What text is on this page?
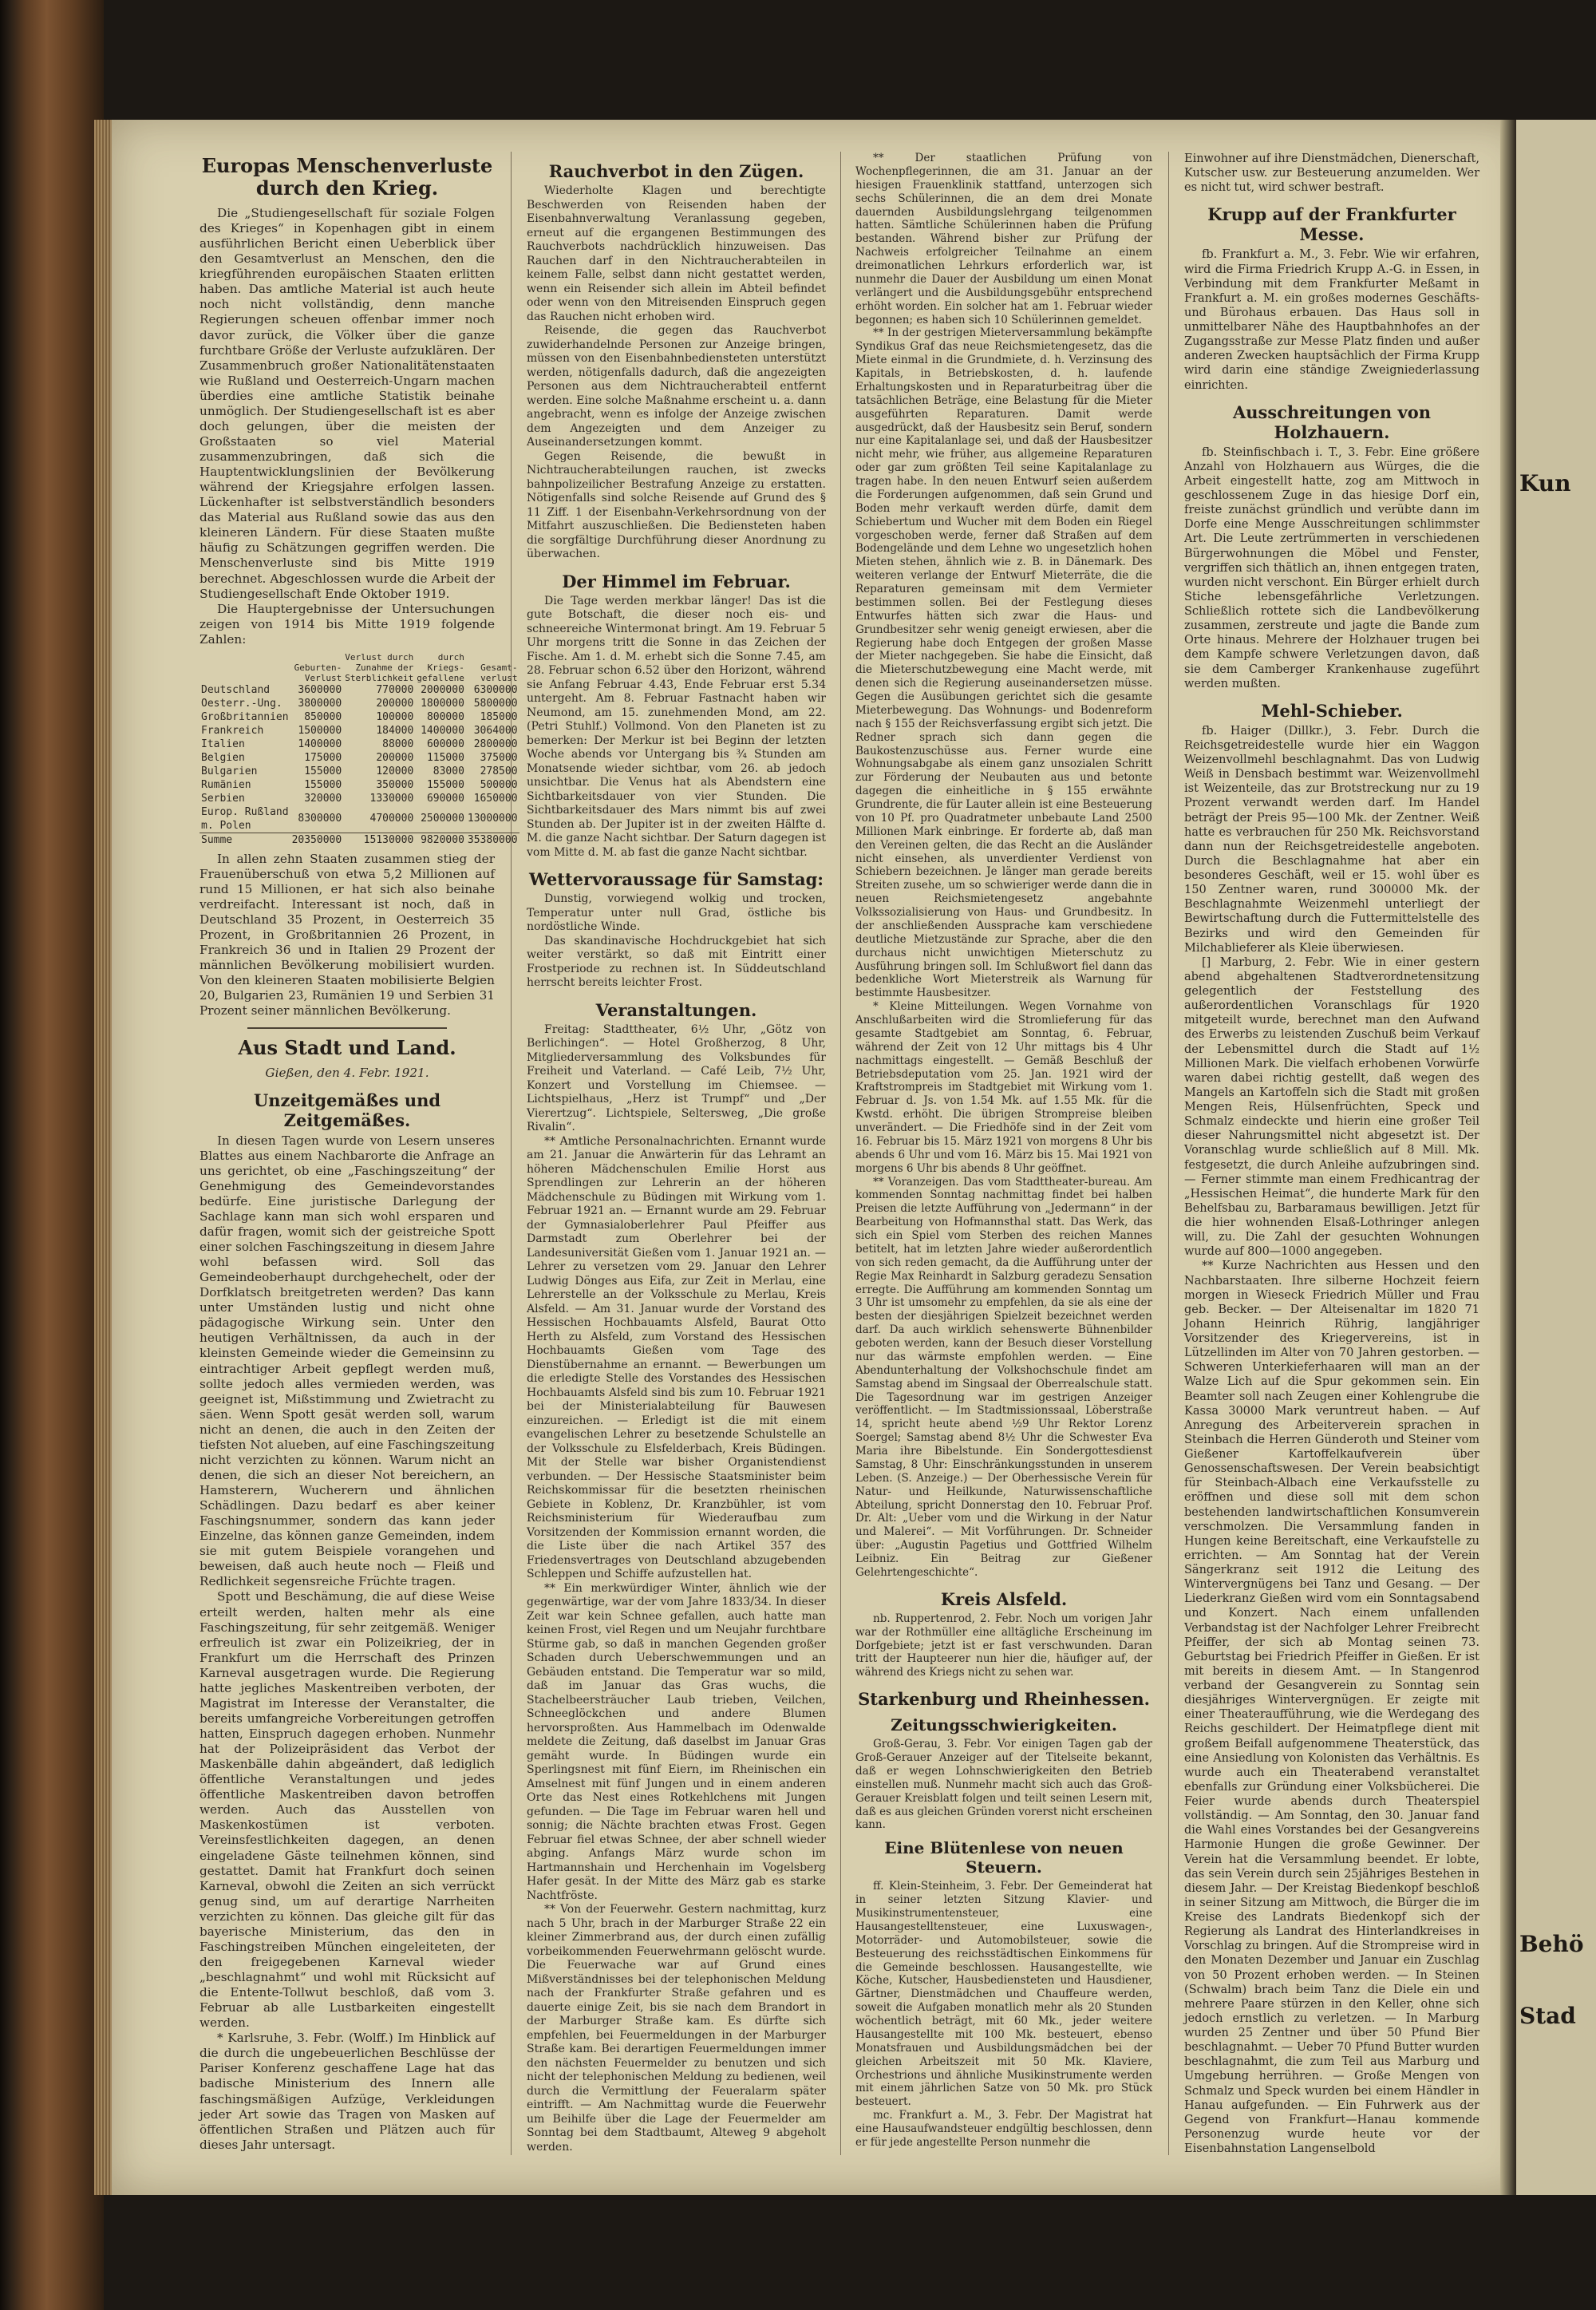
Kun
Behö
Stad
Europas Menschenverluste durch den Krieg.

Die „Studiengesellschaft für soziale Folgen des Krieges“ in Kopenhagen gibt in einem ausführlichen Bericht einen Ueberblick über den Gesamtverlust an Menschen, den die kriegführenden europäischen Staaten erlitten haben. Das amtliche Material ist auch heute noch nicht vollständig, denn manche Regierungen scheuen offenbar immer noch davor zurück, die Völker über die ganze furchtbare Größe der Verluste aufzuklären. Der Zusammenbruch großer Nationalitätenstaaten wie Rußland und Oesterreich-Ungarn machen überdies eine amtliche Statistik beinahe unmöglich. Der Studiengesellschaft ist es aber doch gelungen, über die meisten der Großstaaten so viel Material zusammenzubringen, daß sich die Hauptentwicklungslinien der Bevölkerung während der Kriegsjahre erfolgen lassen. Lückenhafter ist selbstverständlich besonders das Material aus Rußland sowie das aus den kleineren Ländern. Für diese Staaten mußte häufig zu Schätzungen gegriffen werden. Die Menschenverluste sind bis Mitte 1919 berechnet. Abgeschlossen wurde die Arbeit der Studiengesellschaft Ende Oktober 1919.

Die Hauptergebnisse der Untersuchungen zeigen von 1914 bis Mitte 1919 folgende Zahlen:

	Geburten-Verlust	Verlust durch Zunahme der Sterblichkeit	durch Kriegs-gefallene	Gesamt-verlust
Deutschland	3600000	770000	2000000	6300000
Oesterr.-Ung.	3800000	200000	1800000	5800000
Großbritannien	850000	100000	800000	185000
Frankreich	1500000	184000	1400000	3064000
Italien	1400000	88000	600000	2800000
Belgien	175000	200000	115000	375000
Bulgarien	155000	120000	83000	278500
Rumänien	155000	350000	155000	500000
Serbien	320000	1330000	690000	1650000
Europ. Rußland m. Polen	8300000	4700000	2500000	13000000
Summe	20350000	15130000	9820000	35380000

In allen zehn Staaten zusammen stieg der Frauenüberschuß von etwa 5,2 Millionen auf rund 15 Millionen, er hat sich also beinahe verdreifacht. Interessant ist noch, daß in Deutschland 35 Prozent, in Oesterreich 35 Prozent, in Großbritannien 26 Prozent, in Frankreich 36 und in Italien 29 Prozent der männlichen Bevölkerung mobilisiert wurden. Von den kleineren Staaten mobilisierte Belgien 20, Bulgarien 23, Rumänien 19 und Serbien 31 Prozent seiner männlichen Bevölkerung.

Aus Stadt und Land.
Gießen, den 4. Febr. 1921.
Unzeitgemäßes und Zeitgemäßes.

In diesen Tagen wurde von Lesern unseres Blattes aus einem Nachbarorte die Anfrage an uns gerichtet, ob eine „Faschingszeitung“ der Genehmigung des Gemeindevorstandes bedürfe. Eine juristische Darlegung der Sachlage kann man sich wohl ersparen und dafür fragen, womit sich der geistreiche Spott einer solchen Faschingszeitung in diesem Jahre wohl befassen wird. Soll das Gemeindeoberhaupt durchgehechelt, oder der Dorfklatsch breitgetreten werden? Das kann unter Umständen lustig und nicht ohne pädagogische Wirkung sein. Unter den heutigen Verhältnissen, da auch in der kleinsten Gemeinde wieder die Gemeinsinn zu eintrachtiger Arbeit gepflegt werden muß, sollte jedoch alles vermieden werden, was geeignet ist, Mißstimmung und Zwietracht zu säen. Wenn Spott gesät werden soll, warum nicht an denen, die auch in den Zeiten der tiefsten Not alueben, auf eine Faschingszeitung nicht verzichten zu können. Warum nicht an denen, die sich an dieser Not bereichern, an Hamsterern, Wucherern und ähnlichen Schädlingen. Dazu bedarf es aber keiner Faschingsnummer, sondern das kann jeder Einzelne, das können ganze Gemeinden, indem sie mit gutem Beispiele vorangehen und beweisen, daß auch heute noch — Fleiß und Redlichkeit segensreiche Früchte tragen.

Spott und Beschämung, die auf diese Weise erteilt werden, halten mehr als eine Faschingszeitung, für sehr zeitgemäß. Weniger erfreulich ist zwar ein Polizeikrieg, der in Frankfurt um die Herrschaft des Prinzen Karneval ausgetragen wurde. Die Regierung hatte jegliches Maskentreiben verboten, der Magistrat im Interesse der Veranstalter, die bereits umfangreiche Vorbereitungen getroffen hatten, Einspruch dagegen erhoben. Nunmehr hat der Polizeipräsident das Verbot der Maskenbälle dahin abgeändert, daß lediglich öffentliche Veranstaltungen und jedes öffentliche Maskentreiben davon betroffen werden. Auch das Ausstellen von Maskenkostümen ist verboten. Vereinsfestlichkeiten dagegen, an denen eingeladene Gäste teilnehmen können, sind gestattet. Damit hat Frankfurt doch seinen Karneval, obwohl die Zeiten an sich verrückt genug sind, um auf derartige Narrheiten verzichten zu können. Das gleiche gilt für das bayerische Ministerium, das den in Faschingstreiben München eingeleiteten, der den freigegebenen Karneval wieder „beschlagnahmt“ und wohl mit Rücksicht auf die Entente-Tollwut beschloß, daß vom 3. Februar ab alle Lustbarkeiten eingestellt werden.

* Karlsruhe, 3. Febr. (Wolff.) Im Hinblick auf die durch die ungebeuerlichen Beschlüsse der Pariser Konferenz geschaffene Lage hat das badische Ministerium des Innern alle faschingsmäßigen Aufzüge, Verkleidungen jeder Art sowie das Tragen von Masken auf öffentlichen Straßen und Plätzen auch für dieses Jahr untersagt.

Rauchverbot in den Zügen.

Wiederholte Klagen und berechtigte Beschwerden von Reisenden haben der Eisenbahnverwaltung Veranlassung gegeben, erneut auf die ergangenen Bestimmungen des Rauchverbots nachdrücklich hinzuweisen. Das Rauchen darf in den Nichtraucherabteilen in keinem Falle, selbst dann nicht gestattet werden, wenn ein Reisender sich allein im Abteil befindet oder wenn von den Mitreisenden Einspruch gegen das Rauchen nicht erhoben wird.

Reisende, die gegen das Rauchverbot zuwiderhandelnde Personen zur Anzeige bringen, müssen von den Eisenbahnbediensteten unterstützt werden, nötigenfalls dadurch, daß die angezeigten Personen aus dem Nichtraucherabteil entfernt werden. Eine solche Maßnahme erscheint u. a. dann angebracht, wenn es infolge der Anzeige zwischen dem Angezeigten und dem Anzeiger zu Auseinandersetzungen kommt.

Gegen Reisende, die bewußt in Nichtraucherabteilungen rauchen, ist zwecks bahnpolizeilicher Bestrafung Anzeige zu erstatten. Nötigenfalls sind solche Reisende auf Grund des § 11 Ziff. 1 der Eisenbahn-Verkehrsordnung von der Mitfahrt auszuschließen. Die Bediensteten haben die sorgfältige Durchführung dieser Anordnung zu überwachen.

Der Himmel im Februar.

Die Tage werden merkbar länger! Das ist die gute Botschaft, die dieser noch eis- und schneereiche Wintermonat bringt. Am 19. Februar 5 Uhr morgens tritt die Sonne in das Zeichen der Fische. Am 1. d. M. erhebt sich die Sonne 7.45, am 28. Februar schon 6.52 über den Horizont, während sie Anfang Februar 4.43, Ende Februar erst 5.34 untergeht. Am 8. Februar Fastnacht haben wir Neumond, am 15. zunehmenden Mond, am 22. (Petri Stuhlf.) Vollmond. Von den Planeten ist zu bemerken: Der Merkur ist bei Beginn der letzten Woche abends vor Untergang bis ¾ Stunden am Monatsende wieder sichtbar, vom 26. ab jedoch unsichtbar. Die Venus hat als Abendstern eine Sichtbarkeitsdauer von vier Stunden. Die Sichtbarkeitsdauer des Mars nimmt bis auf zwei Stunden ab. Der Jupiter ist in der zweiten Hälfte d. M. die ganze Nacht sichtbar. Der Saturn dagegen ist vom Mitte d. M. ab fast die ganze Nacht sichtbar.

Wettervoraussage für Samstag:

Dunstig, vorwiegend wolkig und trocken, Temperatur unter null Grad, östliche bis nordöstliche Winde.

Das skandinavische Hochdruckgebiet hat sich weiter verstärkt, so daß mit Eintritt einer Frostperiode zu rechnen ist. In Süddeutschland herrscht bereits leichter Frost.

Veranstaltungen.

Freitag: Stadttheater, 6½ Uhr, „Götz von Berlichingen“. — Hotel Großherzog, 8 Uhr, Mitgliederversammlung des Volksbundes für Freiheit und Vaterland. — Café Leib, 7½ Uhr, Konzert und Vorstellung im Chiemsee. — Lichtspielhaus, „Herz ist Trumpf“ und „Der Vierertzug“. Lichtspiele, Seltersweg, „Die große Rivalin“.

** Amtliche Personalnachrichten. Ernannt wurde am 21. Januar die Anwärterin für das Lehramt an höheren Mädchenschulen Emilie Horst aus Sprendlingen zur Lehrerin an der höheren Mädchenschule zu Büdingen mit Wirkung vom 1. Februar 1921 an. — Ernannt wurde am 29. Februar der Gymnasialoberlehrer Paul Pfeiffer aus Darmstadt zum Oberlehrer bei der Landesuniversität Gießen vom 1. Januar 1921 an. — Lehrer zu versetzen vom 29. Januar den Lehrer Ludwig Dönges aus Eifa, zur Zeit in Merlau, eine Lehrerstelle an der Volksschule zu Merlau, Kreis Alsfeld. — Am 31. Januar wurde der Vorstand des Hessischen Hochbauamts Alsfeld, Baurat Otto Herth zu Alsfeld, zum Vorstand des Hessischen Hochbauamts Gießen vom Tage des Dienstübernahme an ernannt. — Bewerbungen um die erledigte Stelle des Vorstandes des Hessischen Hochbauamts Alsfeld sind bis zum 10. Februar 1921 bei der Ministerialabteilung für Bauwesen einzureichen. — Erledigt ist die mit einem evangelischen Lehrer zu besetzende Schulstelle an der Volksschule zu Elsfelderbach, Kreis Büdingen. Mit der Stelle war bisher Organistendienst verbunden. — Der Hessische Staatsminister beim Reichskommissar für die besetzten rheinischen Gebiete in Koblenz, Dr. Kranzbühler, ist vom Reichsministerium für Wiederaufbau zum Vorsitzenden der Kommission ernannt worden, die die Liste über die nach Artikel 357 des Friedensvertrages von Deutschland abzugebenden Schleppen und Schiffe aufzustellen hat.

** Ein merkwürdiger Winter, ähnlich wie der gegenwärtige, war der vom Jahre 1833/34. In dieser Zeit war kein Schnee gefallen, auch hatte man keinen Frost, viel Regen und um Neujahr furchtbare Stürme gab, so daß in manchen Gegenden großer Schaden durch Ueberschwemmungen und an Gebäuden entstand. Die Temperatur war so mild, daß im Januar das Gras wuchs, die Stachelbeersträucher Laub trieben, Veilchen, Schneeglöckchen und andere Blumen hervorsproßten. Aus Hammelbach im Odenwalde meldete die Zeitung, daß daselbst im Januar Gras gemäht wurde. In Büdingen wurde ein Sperlingsnest mit fünf Eiern, im Rheinischen ein Amselnest mit fünf Jungen und in einem anderen Orte das Nest eines Rotkehlchens mit Jungen gefunden. — Die Tage im Februar waren hell und sonnig; die Nächte brachten etwas Frost. Gegen Februar fiel etwas Schnee, der aber schnell wieder abging. Anfangs März wurde schon im Hartmannshain und Herchenhain im Vogelsberg Hafer gesät. In der Mitte des März gab es starke Nachtfröste.

** Von der Feuerwehr. Gestern nachmittag, kurz nach 5 Uhr, brach in der Marburger Straße 22 ein kleiner Zimmerbrand aus, der durch einen zufällig vorbeikommenden Feuerwehrmann gelöscht wurde. Die Feuerwache war auf Grund eines Mißverständnisses bei der telephonischen Meldung nach der Frankfurter Straße gefahren und es dauerte einige Zeit, bis sie nach dem Brandort in der Marburger Straße kam. Es dürfte sich empfehlen, bei Feuermeldungen in der Marburger Straße kam. Bei derartigen Feuermeldungen immer den nächsten Feuermelder zu benutzen und sich nicht der telephonischen Meldung zu bedienen, weil durch die Vermittlung der Feueralarm später eintrifft. — Am Nachmittag wurde die Feuerwehr um Beihilfe über die Lage der Feuermelder am Sonntag bei dem Stadtbaumt, Alteweg 9 abgeholt werden.

** Der staatlichen Prüfung von Wochenpflegerinnen, die am 31. Januar an der hiesigen Frauenklinik stattfand, unterzogen sich sechs Schülerinnen, die an dem drei Monate dauernden Ausbildungslehrgang teilgenommen hatten. Sämtliche Schülerinnen haben die Prüfung bestanden. Während bisher zur Prüfung der Nachweis erfolgreicher Teilnahme an einem dreimonatlichen Lehrkurs erforderlich war, ist nunmehr die Dauer der Ausbildung um einen Monat verlängert und die Ausbildungsgebühr entsprechend erhöht worden. Ein solcher hat am 1. Februar wieder begonnen; es haben sich 10 Schülerinnen gemeldet.

** In der gestrigen Mieterversammlung bekämpfte Syndikus Graf das neue Reichsmietengesetz, das die Miete einmal in die Grundmiete, d. h. Verzinsung des Kapitals, in Betriebskosten, d. h. laufende Erhaltungskosten und in Reparaturbeitrag über die tatsächlichen Beträge, eine Belastung für die Mieter ausgeführten Reparaturen. Damit werde ausgedrückt, daß der Hausbesitz sein Beruf, sondern nur eine Kapitalanlage sei, und daß der Hausbesitzer nicht mehr, wie früher, aus allgemeine Reparaturen oder gar zum größten Teil seine Kapitalanlage zu tragen habe. In den neuen Entwurf seien außerdem die Forderungen aufgenommen, daß sein Grund und Boden mehr verkauft werden dürfe, damit dem Schiebertum und Wucher mit dem Boden ein Riegel vorgeschoben werde, ferner daß Straßen auf dem Bodengelände und dem Lehne wo ungesetzlich hohen Mieten stehen, ähnlich wie z. B. in Dänemark. Des weiteren verlange der Entwurf Mieterräte, die die Reparaturen gemeinsam mit dem Vermieter bestimmen sollen. Bei der Festlegung dieses Entwurfes hätten sich zwar die Haus- und Grundbesitzer sehr wenig geneigt erwiesen, aber die Regierung habe doch Entgegen der großen Masse der Mieter nachgegeben. Sie habe die Einsicht, daß die Mieterschutzbewegung eine Macht werde, mit denen sich die Regierung auseinandersetzen müsse. Gegen die Ausübungen gerichtet sich die gesamte Mieterbewegung. Das Wohnungs- und Bodenreform nach § 155 der Reichsverfassung ergibt sich jetzt. Die Redner sprach sich dann gegen die Baukostenzuschüsse aus. Ferner wurde eine Wohnungsabgabe als einem ganz unsozialen Schritt zur Förderung der Neubauten aus und betonte dagegen die einheitliche in § 155 erwähnte Grundrente, die für Lauter allein ist eine Besteuerung von 10 Pf. pro Quadratmeter unbebaute Land 2500 Millionen Mark einbringe. Er forderte ab, daß man den Vereinen gelten, die das Recht an die Ausländer nicht einsehen, als unverdienter Verdienst von Schiebern bezeichnen. Je länger man gerade bereits Streiten zusehe, um so schwieriger werde dann die in neuen Reichsmietengesetz angebahnte Volkssozialisierung von Haus- und Grundbesitz. In der anschließenden Aussprache kam verschiedene deutliche Mietzustände zur Sprache, aber die den durchaus nicht unwichtigen Mieterschutz zu Ausführung bringen soll. Im Schlußwort fiel dann das bedenkliche Wort Mieterstreik als Warnung für bestimmte Hausbesitzer.

* Kleine Mitteilungen. Wegen Vornahme von Anschlußarbeiten wird die Stromlieferung für das gesamte Stadtgebiet am Sonntag, 6. Februar, während der Zeit von 12 Uhr mittags bis 4 Uhr nachmittags eingestellt. — Gemäß Beschluß der Betriebsdeputation vom 25. Jan. 1921 wird der Kraftstrompreis im Stadtgebiet mit Wirkung vom 1. Februar d. Js. von 1.54 Mk. auf 1.55 Mk. für die Kwstd. erhöht. Die übrigen Strompreise bleiben unverändert. — Die Friedhöfe sind in der Zeit vom 16. Februar bis 15. März 1921 von morgens 8 Uhr bis abends 6 Uhr und vom 16. März bis 15. Mai 1921 von morgens 6 Uhr bis abends 8 Uhr geöffnet.

** Voranzeigen. Das vom Stadttheater-bureau. Am kommenden Sonntag nachmittag findet bei halben Preisen die letzte Aufführung von „Jedermann“ in der Bearbeitung von Hofmannsthal statt. Das Werk, das sich ein Spiel vom Sterben des reichen Mannes betitelt, hat im letzten Jahre wieder außerordentlich von sich reden gemacht, da die Aufführung unter der Regie Max Reinhardt in Salzburg geradezu Sensation erregte. Die Aufführung am kommenden Sonntag um 3 Uhr ist umsomehr zu empfehlen, da sie als eine der besten der diesjährigen Spielzeit bezeichnet werden darf. Da auch wirklich sehenswerte Bühnenbilder geboten werden, kann der Besuch dieser Vorstellung nur das wärmste empfohlen werden. — Eine Abendunterhaltung der Volkshochschule findet am Samstag abend im Singsaal der Oberrealschule statt. Die Tagesordnung war im gestrigen Anzeiger veröffentlicht. — Im Stadtmissionssaal, Löberstraße 14, spricht heute abend ½9 Uhr Rektor Lorenz Soergel; Samstag abend 8½ Uhr die Schwester Eva Maria ihre Bibelstunde. Ein Sondergottesdienst Samstag, 8 Uhr: Einschränkungsstunden in unserem Leben. (S. Anzeige.) — Der Oberhessische Verein für Natur- und Heilkunde, Naturwissenschaftliche Abteilung, spricht Donnerstag den 10. Februar Prof. Dr. Alt: „Ueber vom und die Wirkung in der Natur und Malerei“. — Mit Vorführungen. Dr. Schneider über: „Augustin Pagetius und Gottfried Wilhelm Leibniz. Ein Beitrag zur Gießener Gelehrtengeschichte“.

Kreis Alsfeld.

nb. Ruppertenrod, 2. Febr. Noch um vorigen Jahr war der Rothmüller eine alltägliche Erscheinung im Dorfgebiete; jetzt ist er fast verschwunden. Daran tritt der Haupteerer nun hier die, häufiger auf, der während des Kriegs nicht zu sehen war.

Starkenburg und Rheinhessen.
Zeitungsschwierigkeiten.

Groß-Gerau, 3. Febr. Vor einigen Tagen gab der Groß-Gerauer Anzeiger auf der Titelseite bekannt, daß er wegen Lohnschwierigkeiten den Betrieb einstellen muß. Nunmehr macht sich auch das Groß-Gerauer Kreisblatt folgen und teilt seinen Lesern mit, daß es aus gleichen Gründen vorerst nicht erscheinen kann.

Eine Blütenlese von neuen Steuern.

ff. Klein-Steinheim, 3. Febr. Der Gemeinderat hat in seiner letzten Sitzung Klavier- und Musikinstrumentensteuer, eine Hausangestelltensteuer, eine Luxuswagen-, Motorräder- und Automobilsteuer, sowie die Besteuerung des reichsstädtischen Einkommens für die Gemeinde beschlossen. Hausangestellte, wie Köche, Kutscher, Hausbediensteten und Hausdiener, Gärtner, Dienstmädchen und Chauffeure werden, soweit die Aufgaben monatlich mehr als 20 Stunden wöchentlich beträgt, mit 60 Mk., jeder weitere Hausangestellte mit 100 Mk. besteuert, ebenso Monatsfrauen und Ausbildungsmädchen bei der gleichen Arbeitszeit mit 50 Mk. Klaviere, Orchestrions und ähnliche Musikinstrumente werden mit einem jährlichen Satze von 50 Mk. pro Stück besteuert.

mc. Frankfurt a. M., 3. Febr. Der Magistrat hat eine Hausaufwandsteuer endgültig beschlossen, denn er für jede angestellte Person nunmehr die

Einwohner auf ihre Dienstmädchen, Dienerschaft, Kutscher usw. zur Besteuerung anzumelden. Wer es nicht tut, wird schwer bestraft.

Krupp auf der Frankfurter Messe.

fb. Frankfurt a. M., 3. Febr. Wie wir erfahren, wird die Firma Friedrich Krupp A.-G. in Essen, in Verbindung mit dem Frankfurter Meßamt in Frankfurt a. M. ein großes modernes Geschäfts- und Bürohaus erbauen. Das Haus soll in unmittelbarer Nähe des Hauptbahnhofes an der Zugangsstraße zur Messe Platz finden und außer anderen Zwecken hauptsächlich der Firma Krupp wird darin eine ständige Zweigniederlassung einrichten.

Ausschreitungen von Holzhauern.

fb. Steinfischbach i. T., 3. Febr. Eine größere Anzahl von Holzhauern aus Würges, die die Arbeit eingestellt hatte, zog am Mittwoch in geschlossenem Zuge in das hiesige Dorf ein, freiste zunächst gründlich und verübte dann im Dorfe eine Menge Ausschreitungen schlimmster Art. Die Leute zertrümmerten in verschiedenen Bürgerwohnungen die Möbel und Fenster, vergriffen sich thätlich an, ihnen entgegen traten, wurden nicht verschont. Ein Bürger erhielt durch Stiche lebensgefährliche Verletzungen. Schließlich rottete sich die Landbevölkerung zusammen, zerstreute und jagte die Bande zum Orte hinaus. Mehrere der Holzhauer trugen bei dem Kampfe schwere Verletzungen davon, daß sie dem Camberger Krankenhause zugeführt werden mußten.

Mehl-Schieber.

fb. Haiger (Dillkr.), 3. Febr. Durch die Reichsgetreidestelle wurde hier ein Waggon Weizenvollmehl beschlagnahmt. Das von Ludwig Weiß in Densbach bestimmt war. Weizenvollmehl ist Weizenteile, das zur Brotstreckung nur zu 19 Prozent verwandt werden darf. Im Handel beträgt der Preis 95—100 Mk. der Zentner. Weiß hatte es verbrauchen für 250 Mk. Reichsvorstand dann nun der Reichsgetreidestelle angeboten. Durch die Beschlagnahme hat aber ein besonderes Geschäft, weil er 15. wohl über es 150 Zentner waren, rund 300000 Mk. der Beschlagnahmte Weizenmehl unterliegt der Bewirtschaftung durch die Futtermittelstelle des Bezirks und wird den Gemeinden für Milchablieferer als Kleie überwiesen.

[] Marburg, 2. Febr. Wie in einer gestern abend abgehaltenen Stadtverordnetensitzung gelegentlich der Feststellung des außerordentlichen Voranschlags für 1920 mitgeteilt wurde, berechnet man den Aufwand des Erwerbs zu leistenden Zuschuß beim Verkauf der Lebensmittel durch die Stadt auf 1½ Millionen Mark. Die vielfach erhobenen Vorwürfe waren dabei richtig gestellt, daß wegen des Mangels an Kartoffeln sich die Stadt mit großen Mengen Reis, Hülsenfrüchten, Speck und Schmalz eindeckte und hierin eine großer Teil dieser Nahrungsmittel nicht abgesetzt ist. Der Voranschlag wurde schließlich auf 8 Mill. Mk. festgesetzt, die durch Anleihe aufzubringen sind. — Ferner stimmte man einem Fredhicantrag der „Hessischen Heimat“, die hunderte Mark für den Behelfsbau zu, Barbaramaus bewilligen. Jetzt für die hier wohnenden Elsaß-Lothringer anlegen will, zu. Die Zahl der gesuchten Wohnungen wurde auf 800—1000 angegeben.

** Kurze Nachrichten aus Hessen und den Nachbarstaaten. Ihre silberne Hochzeit feiern morgen in Wieseck Friedrich Müller und Frau geb. Becker. — Der Alteisenaltar im 1820 71 Johann Heinrich Rührig, langjähriger Vorsitzender des Kriegervereins, ist in Lützellinden im Alter von 70 Jahren gestorben. — Schweren Unterkieferhaaren will man an der Walze Lich auf die Spur gekommen sein. Ein Beamter soll nach Zeugen einer Kohlengrube die Kassa 30000 Mark veruntreut haben. — Auf Anregung des Arbeiterverein sprachen in Steinbach die Herren Günderoth und Steiner vom Gießener Kartoffelkaufverein über Genossenschaftswesen. Der Verein beabsichtigt für Steinbach-Albach eine Verkaufsstelle zu eröffnen und diese soll mit dem schon bestehenden landwirtschaftlichen Konsumverein verschmolzen. Die Versammlung fanden in Hungen keine Bereitschaft, eine Verkaufstelle zu errichten. — Am Sonntag hat der Verein Sängerkranz seit 1912 die Leitung des Wintervergnügens bei Tanz und Gesang. — Der Liederkranz Gießen wird vom ein Sonntagsabend und Konzert. Nach einem unfallenden Verbandstag ist der Nachfolger Lehrer Freibrecht Pfeiffer, der sich ab Montag seinen 73. Geburtstag bei Friedrich Pfeiffer in Gießen. Er ist mit bereits in diesem Amt. — In Stangenrod verband der Gesangverein zu Sonntag sein diesjähriges Wintervergnügen. Er zeigte mit einer Theateraufführung, wie die Werdegang des Reichs geschildert. Der Heimatpflege dient mit großem Beifall aufgenommene Theaterstück, das eine Ansiedlung von Kolonisten das Verhältnis. Es wurde auch ein Theaterabend veranstaltet ebenfalls zur Gründung einer Volksbücherei. Die Feier wurde abends durch Theaterspiel vollständig. — Am Sonntag, den 30. Januar fand die Wahl eines Vorstandes bei der Gesangvereins Harmonie Hungen die große Gewinner. Der Verein hat die Versammlung beendet. Er lobte, das sein Verein durch sein 25jähriges Bestehen in diesem Jahr. — Der Kreistag Biedenkopf beschloß in seiner Sitzung am Mittwoch, die Bürger die im Kreise des Landrats Biedenkopf sich der Regierung als Landrat des Hinterlandkreises in Vorschlag zu bringen. Auf die Strompreise wird in den Monaten Dezember und Januar ein Zuschlag von 50 Prozent erhoben werden. — In Steinen (Schwalm) brach beim Tanz die Diele ein und mehrere Paare stürzen in den Keller, ohne sich jedoch ernstlich zu verletzen. — In Marburg wurden 25 Zentner und über 50 Pfund Bier beschlagnahmt. — Ueber 70 Pfund Butter wurden beschlagnahmt, die zum Teil aus Marburg und Umgebung herrühren. — Große Mengen von Schmalz und Speck wurden bei einem Händler in Hanau aufgefunden. — Ein Fuhrwerk aus der Gegend von Frankfurt—Hanau kommende Personenzug wurde heute vor der Eisenbahnstation Langenselbold
